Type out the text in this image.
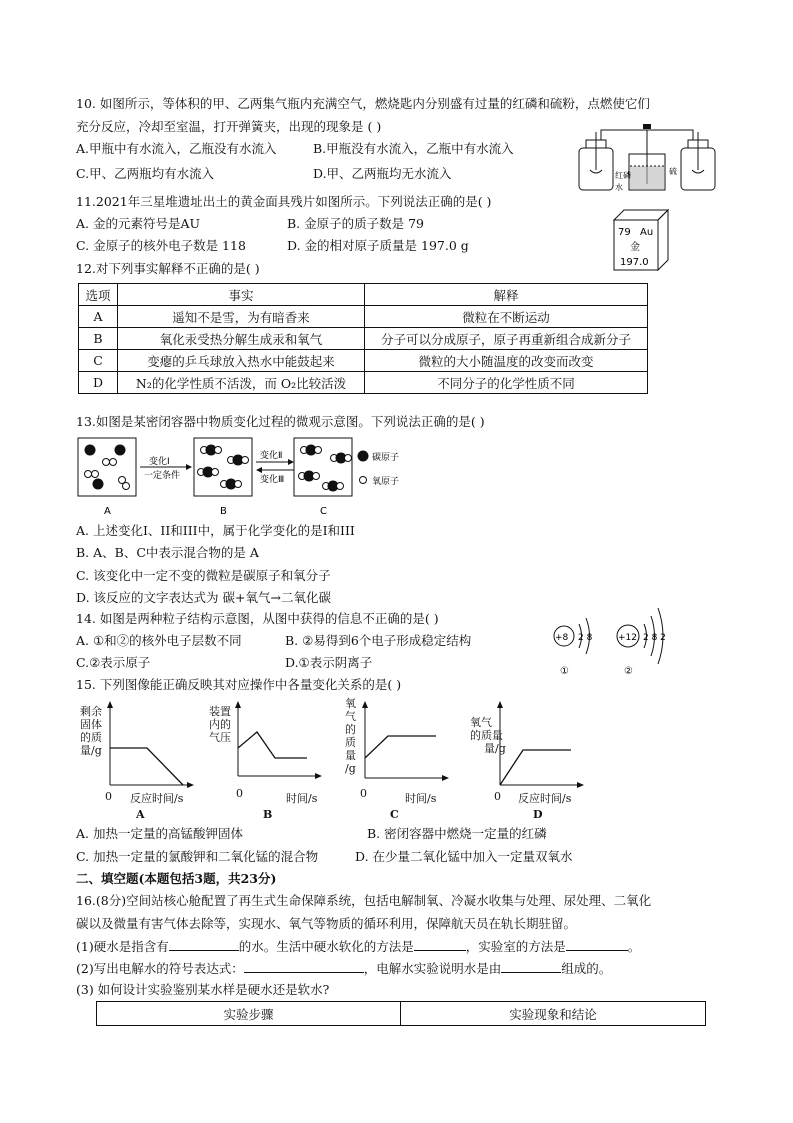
10. 如图所示，等体积的甲、乙两集气瓶内充满空气，燃烧匙内分别盛有过量的红磷和硫粉，点燃使它们
充分反应，冷却至室温，打开弹簧夹，出现的现象是 ( )
A.甲瓶中有水流入，乙瓶没有水流入	B.甲瓶没有水流入，乙瓶中有水流入
C.甲、乙两瓶均有水流入	D.甲、乙两瓶均无水流入	红磷
水
硫
11.2021年三星堆遗址出土的黄金面具残片如图所示。下列说法正确的是( )
A. 金的元素符号是AU	B. 金原子的质子数是 79
C. 金原子的核外电子数是 118	D. 金的相对原子质量是 197.0 g
79 Au
金
197.0
12.对下列事实解释不正确的是( )
选项	事实	解释
A	遥知不是雪，为有暗香来	微粒在不断运动
B	氧化汞受热分解生成汞和氧气	分子可以分成原子，原子再重新组合成新分子
C	变瘪的乒乓球放入热水中能鼓起来	微粒的大小随温度的改变而改变
D	N₂的化学性质不活泼，而 O₂比较活泼	不同分子的化学性质不同
13.如图是某密闭容器中物质变化过程的微观示意图。下列说法正确的是( )
变化Ⅰ
一定条件
变化Ⅱ
变化Ⅲ
碳原子
氧原子
A	B	C
A. 上述变化I、II和III中，属于化学变化的是I和III
B. A、B、C中表示混合物的是 A
C. 该变化中一定不变的微粒是碳原子和氧分子
D. 该反应的文字表达式为 碳+氧气→二氧化碳
14. 如图是两种粒子结构示意图，从图中获得的信息不正确的是( )
A. ①和②的核外电子层数不同	B. ②易得到6个电子形成稳定结构
C.②表示原子	D.①表示阴离子
+8 2 8
①
+12 2 8 2
②
15. 下列图像能正确反映其对应操作中各量变化关系的是( )
剩余
固体
的质
量/g
0 反应时间/s
A
装置
内的
气压
0	时间/s
B
氧
气
的
质
量
/g
0	时间/s
C
氧气
的质量
量/g
0 反应时间/s
D
A. 加热一定量的高锰酸钾固体	B. 密闭容器中燃烧一定量的红磷
C. 加热一定量的氯酸钾和二氧化锰的混合物	D. 在少量二氧化锰中加入一定量双氧水
二、填空题(本题包括3题，共23分)
16.(8分)空间站核心舱配置了再生式生命保障系统，包括电解制氧、冷凝水收集与处理、尿处理、二氧化
碳以及微量有害气体去除等，实现水、氧气等物质的循环利用，保障航天员在轨长期驻留。
(1)硬水是指含有	的水。生活中硬水软化的方法是	，实验室的方法是	。
(2)写出电解水的符号表达式：	，电解水实验说明水是由	组成的。
(3) 如何设计实验鉴别某水样是硬水还是软水?
实验步骤	实验现象和结论
